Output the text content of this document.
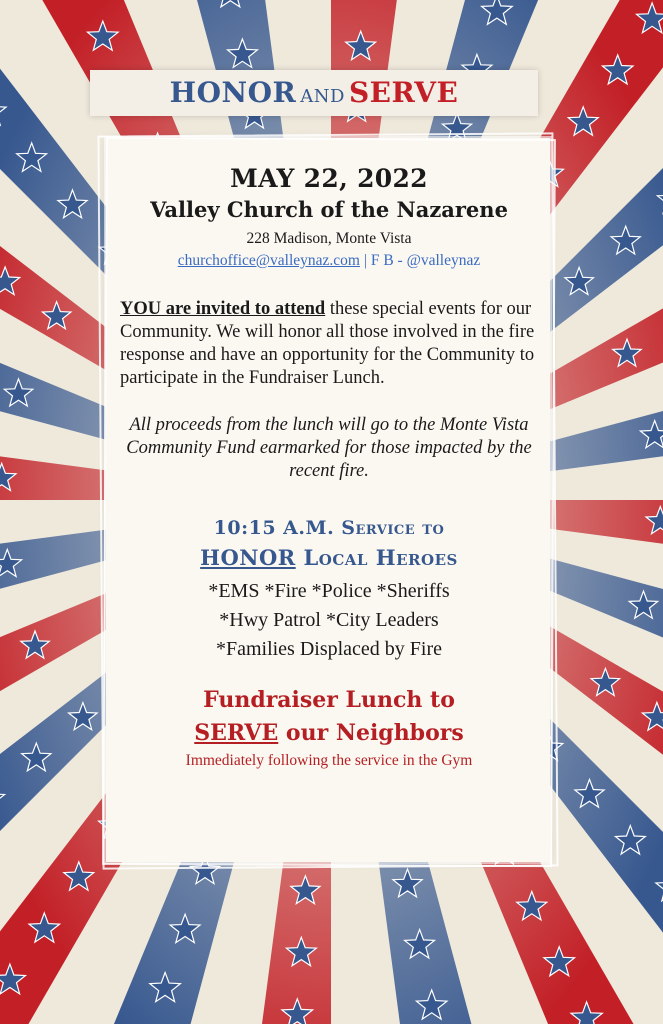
HONOR AND SERVE
MAY 22, 2022
Valley Church of the Nazarene
228 Madison, Monte Vista
churchoffice@valleynaz.com | F B - @valleynaz
YOU are invited to attend these special events for our Community. We will honor all those involved in the fire response and have an opportunity for the Community to participate in the Fundraiser Lunch.
All proceeds from the lunch will go to the Monte Vista Community Fund earmarked for those impacted by the recent fire.
10:15 A.M. Service to
HONOR Local Heroes
*EMS *Fire *Police *Sheriffs
*Hwy Patrol *City Leaders
*Families Displaced by Fire
Fundraiser Lunch to
SERVE our Neighbors
Immediately following the service in the Gym
